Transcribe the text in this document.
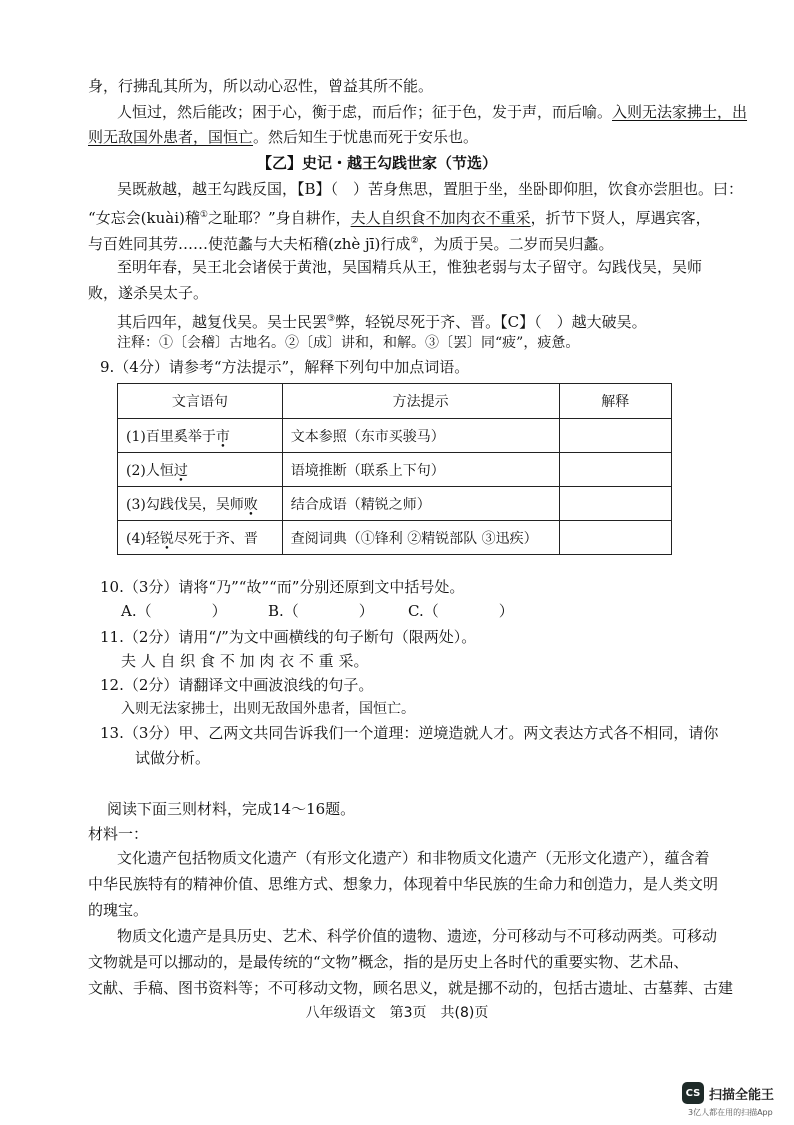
身，行拂乱其所为，所以动心忍性，曾益其所不能。
人恒过，然后能改；困于心，衡于虑，而后作；征于色，发于声，而后喻。入则无法家拂士，出
则无敌国外患者，国恒亡。然后知生于忧患而死于安乐也。
【乙】史记・越王勾践世家（节选）
吴既赦越，越王勾践反国，【B】（　）苦身焦思，置胆于坐，坐卧即仰胆，饮食亦尝胆也。曰：
“女忘会(kuài)稽①之耻耶？”身自耕作，夫人自织食不加肉衣不重采，折节下贤人，厚遇宾客，
与百姓同其劳……使范蠡与大夫柘稽(zhè jī)行成②，为质于吴。二岁而吴归蠡。
至明年春，吴王北会诸侯于黄池，吴国精兵从王，惟独老弱与太子留守。勾践伐吴，吴师
败，遂杀吴太子。
其后四年，越复伐吴。吴士民罢③弊，轻锐尽死于齐、晋。【C】（　）越大破吴。
注释：①〔会稽〕古地名。②〔成〕讲和，和解。③〔罢〕同“疲”，疲惫。
9.（4分）请参考“方法提示”，解释下列句中加点词语。
文言语句	方法提示	解释
(1)百里奚举于市	文本参照（东市买骏马）	
(2)人恒过	语境推断（联系上下句）	
(3)勾践伐吴，吴师败	结合成语（精锐之师）	
(4)轻锐尽死于齐、晋	查阅词典（①锋利 ②精锐部队 ③迅疾）	
10.（3分）请将“乃”“故”“而”分别还原到文中括号处。
A.（　　　　）	B.（　　　　） C.（　　　　）
11.（2分）请用“/”为文中画横线的句子断句（限两处）。
夫 人 自 织 食 不 加 肉 衣 不 重 采。
12.（2分）请翻译文中画波浪线的句子。
入则无法家拂士，出则无敌国外患者，国恒亡。
13.（3分）甲、乙两文共同告诉我们一个道理：逆境造就人才。两文表达方式各不相同，请你
试做分析。
阅读下面三则材料，完成14～16题。
材料一：
文化遗产包括物质文化遗产（有形文化遗产）和非物质文化遗产（无形文化遗产），蕴含着
中华民族特有的精神价值、思维方式、想象力，体现着中华民族的生命力和创造力，是人类文明
的瑰宝。
物质文化遗产是具历史、艺术、科学价值的遗物、遗迹，分可移动与不可移动两类。可移动
文物就是可以挪动的，是最传统的“文物”概念，指的是历史上各时代的重要实物、艺术品、
文献、手稿、图书资料等；不可移动文物，顾名思义，就是挪不动的，包括古遗址、古墓葬、古建
八年级语文　第3页　共(8)页
CS 扫描全能王
3亿人都在用的扫描App
